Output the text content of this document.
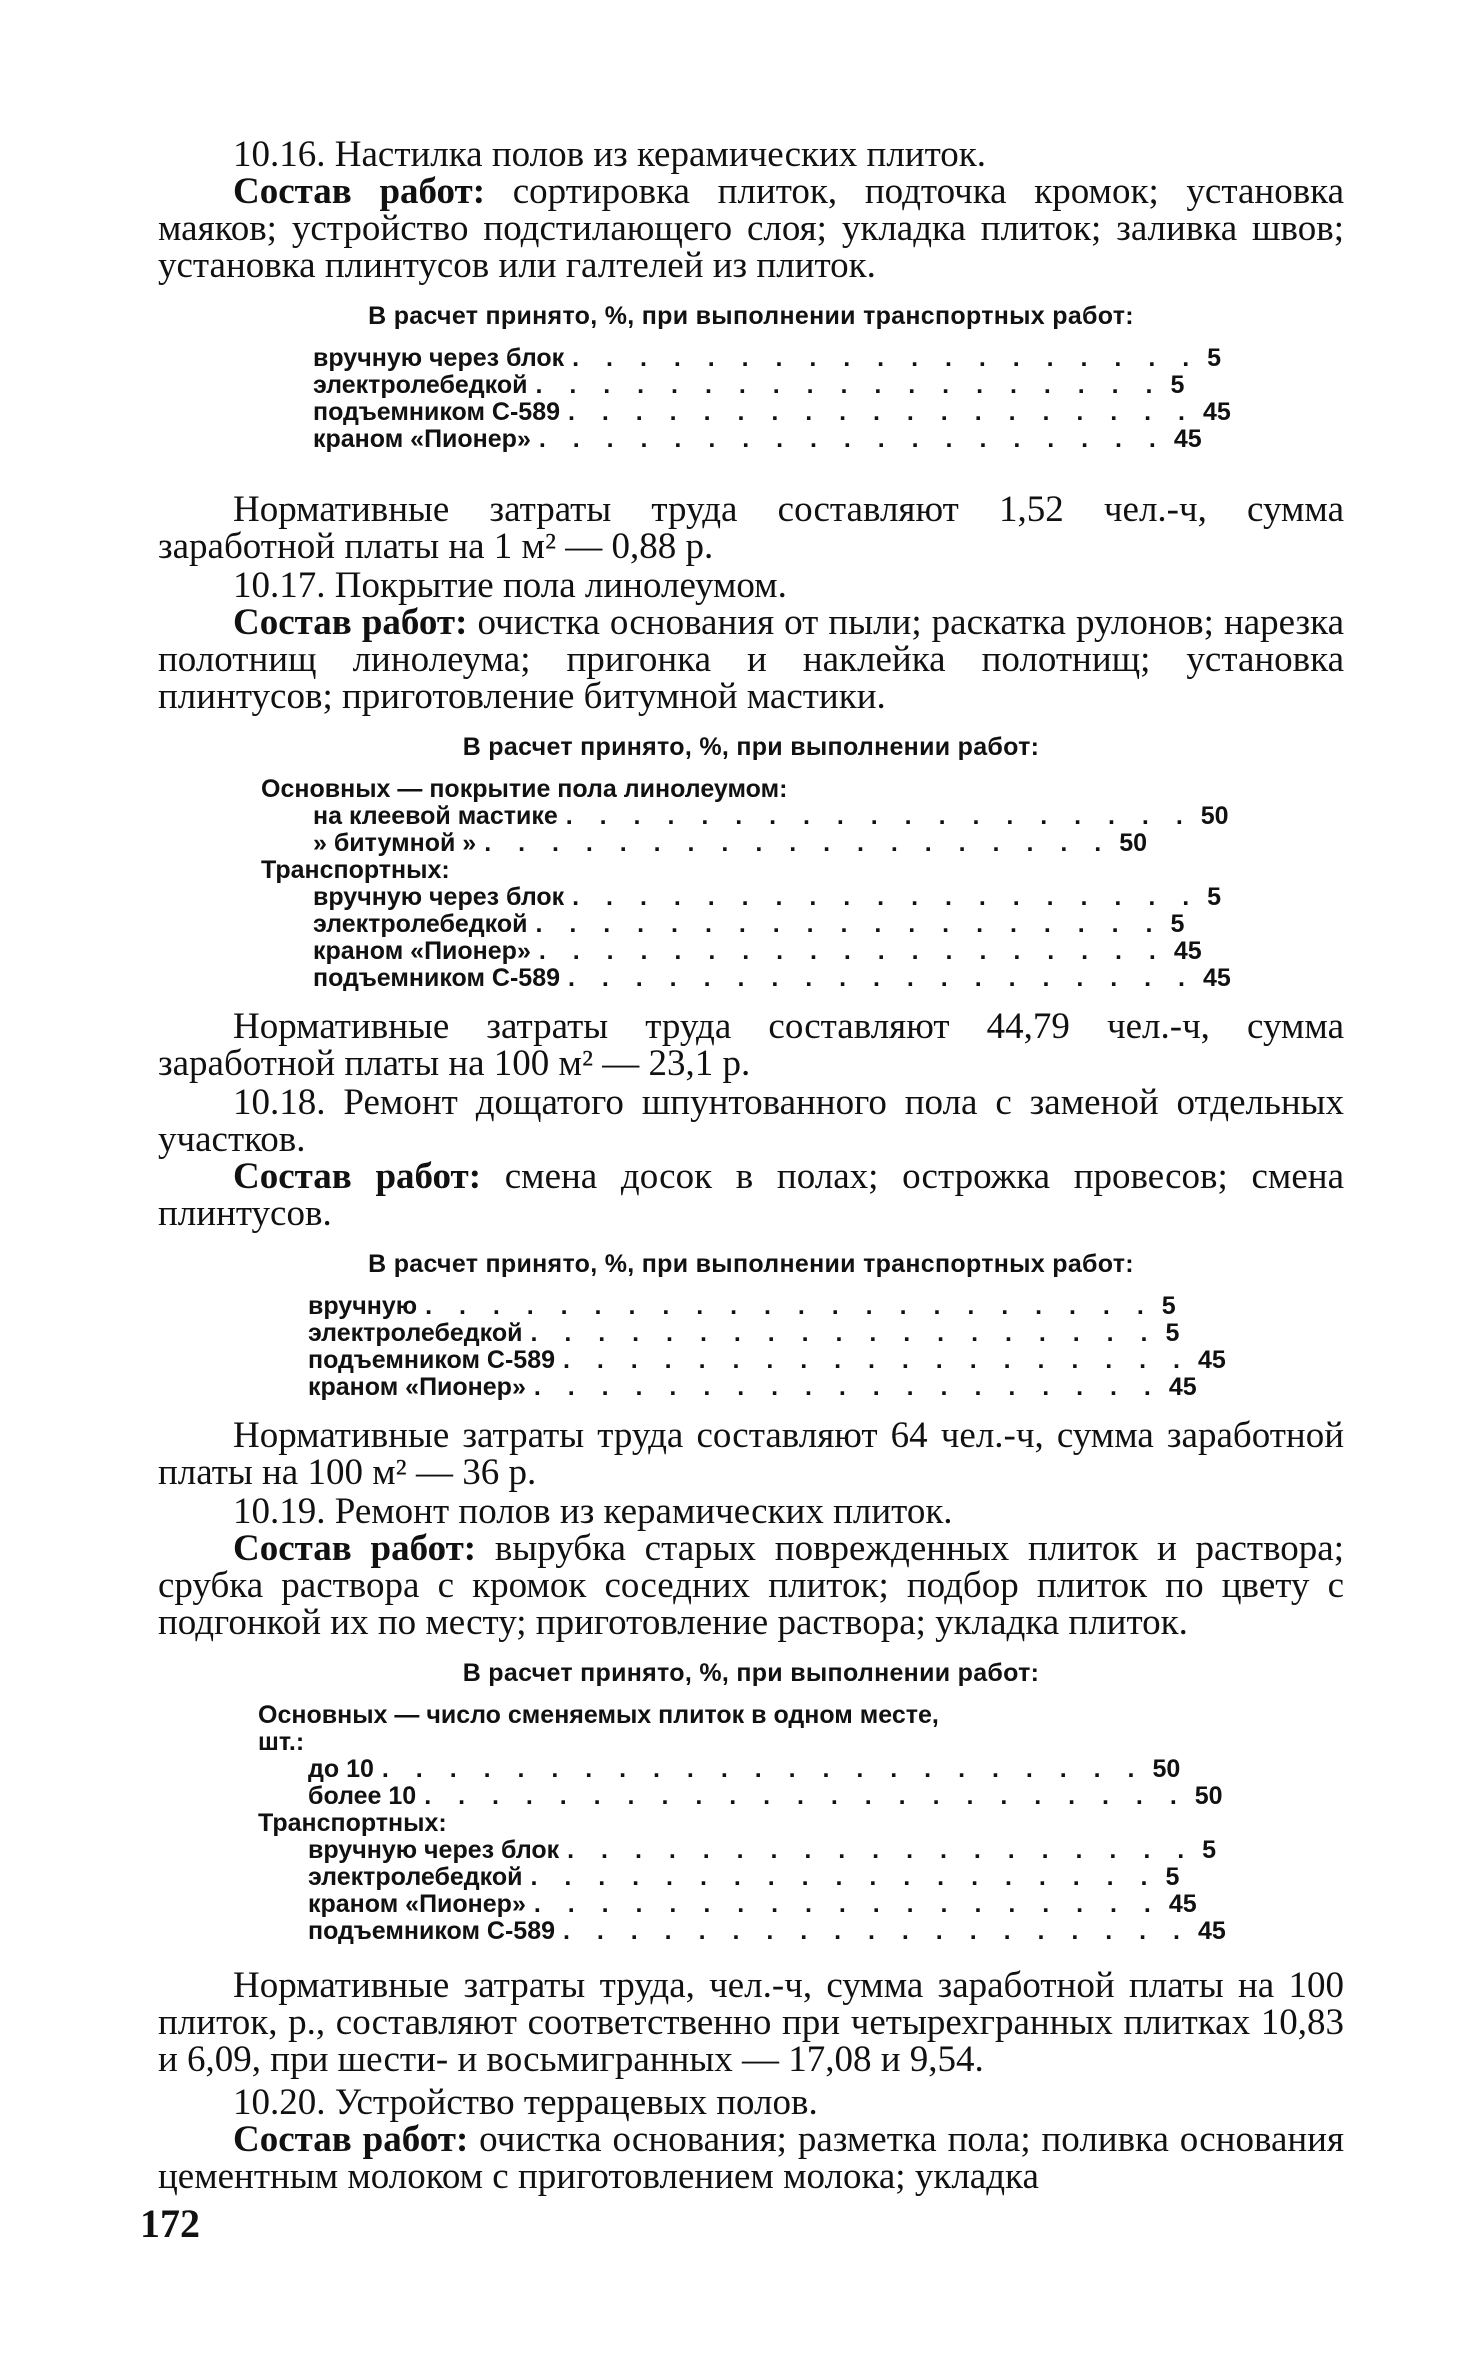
10.16. Настилка полов из керамических плиток.

Состав работ: сортировка плиток, подточка кромок; установка маяков; устройство подстилающего слоя; укладка плиток; заливка швов; установка плинтусов или галтелей из плиток.

В расчет принято, %, при выполнении транспортных работ:
вручную через блок . . . . . . . . . . . . . . . . . . . 5
электролебедкой . . . . . . . . . . . . . . . . . . . 5
подъемником С-589 . . . . . . . . . . . . . . . . . . . 45
краном «Пионер» . . . . . . . . . . . . . . . . . . . 45

Нормативные затраты труда составляют 1,52 чел.-ч, сумма заработной платы на 1 м² — 0,88 р.

10.17. Покрытие пола линолеумом.

Состав работ: очистка основания от пыли; раскатка рулонов; нарезка полотнищ линолеума; пригонка и наклейка полотнищ; установка плинтусов; приготовление битумной мастики.

В расчет принято, %, при выполнении работ:
Основных — покрытие пола линолеумом:
на клеевой мастике . . . . . . . . . . . . . . . . . . . 50
» битумной » . . . . . . . . . . . . . . . . . . . 50
Транспортных:
вручную через блок . . . . . . . . . . . . . . . . . . . 5
электролебедкой . . . . . . . . . . . . . . . . . . . 5
краном «Пионер» . . . . . . . . . . . . . . . . . . . 45
подъемником С-589 . . . . . . . . . . . . . . . . . . . 45

Нормативные затраты труда составляют 44,79 чел.-ч, сумма заработной платы на 100 м² — 23,1 р.

10.18. Ремонт дощатого шпунтованного пола с заменой отдельных участков.

Состав работ: смена досок в полах; острожка провесов; смена плинтусов.

В расчет принято, %, при выполнении транспортных работ:
вручную . . . . . . . . . . . . . . . . . . . . . . 5
электролебедкой . . . . . . . . . . . . . . . . . . . 5
подъемником С-589 . . . . . . . . . . . . . . . . . . . 45
краном «Пионер» . . . . . . . . . . . . . . . . . . . 45

Нормативные затраты труда составляют 64 чел.-ч, сумма заработной платы на 100 м² — 36 р.

10.19. Ремонт полов из керамических плиток.

Состав работ: вырубка старых поврежденных плиток и раствора; срубка раствора с кромок соседних плиток; подбор плиток по цвету с подгонкой их по месту; приготовление раствора; укладка плиток.

В расчет принято, %, при выполнении работ:
Основных — число сменяемых плиток в одном месте, шт.:
до 10 . . . . . . . . . . . . . . . . . . . . . . . 50
более 10 . . . . . . . . . . . . . . . . . . . . . . . 50
Транспортных:
вручную через блок . . . . . . . . . . . . . . . . . . . 5
электролебедкой . . . . . . . . . . . . . . . . . . . 5
краном «Пионер» . . . . . . . . . . . . . . . . . . . 45
подъемником С-589 . . . . . . . . . . . . . . . . . . . 45

Нормативные затраты труда, чел.-ч, сумма заработной платы на 100 плиток, р., составляют соответственно при четырехгранных плитках 10,83 и 6,09, при шести- и восьмигранных — 17,08 и 9,54.

10.20. Устройство террацевых полов.

Состав работ: очистка основания; разметка пола; поливка основания цементным молоком с приготовлением молока; укладка

172
